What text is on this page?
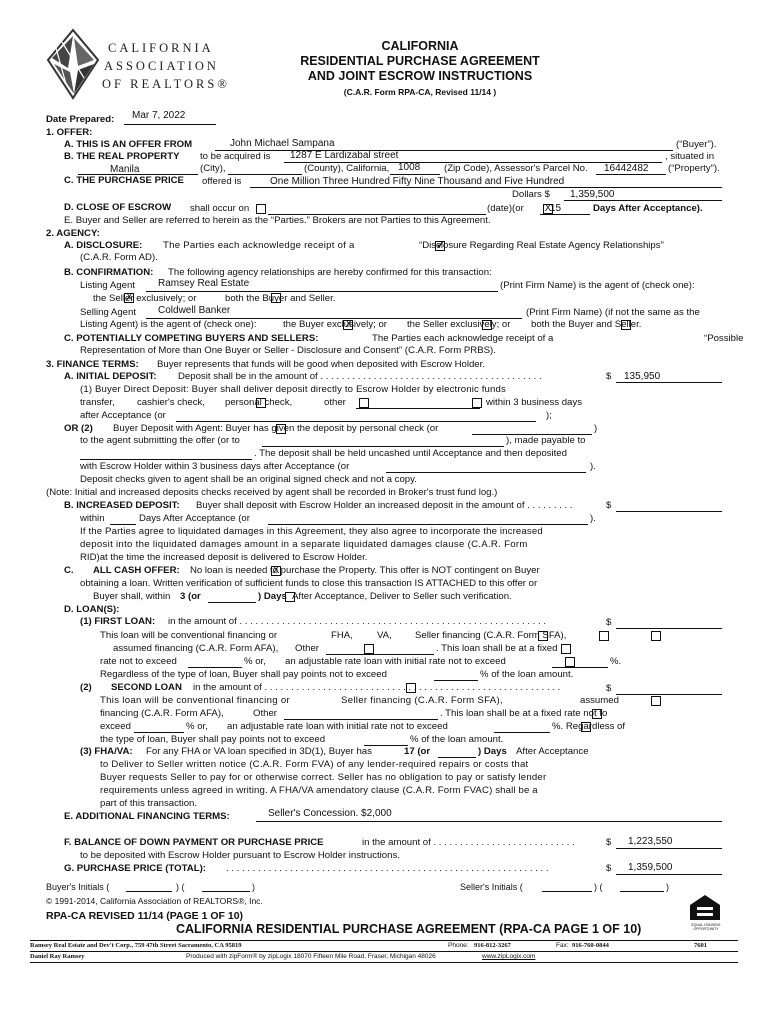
CALIFORNIA
ASSOCIATION
OF REALTORS®
CALIFORNIA
RESIDENTIAL PURCHASE AGREEMENT
AND JOINT ESCROW INSTRUCTIONS
(C.A.R. Form RPA-CA, Revised 11/14 )
Date Prepared: Mar 7, 2022
1. OFFER:
A. THIS IS AN OFFER FROM	John Michael Sampana	(“Buyer”).
B. THE REAL PROPERTY to be acquired is 1287 E Lardizabal street	, situated in
Manila	(City),	(County), California, 1008 (Zip Code), Assessor's Parcel No. 16442482 (“Property”).
C. THE PURCHASE PRICE offered is	One Million Three Hundred Fifty Nine Thousand and Five Hundred
Dollars $ 1,359,500
D. CLOSE OF ESCROW shall occur on
	(date)(or X	15	Days After Acceptance).
E. Buyer and Seller are referred to herein as the “Parties.” Brokers are not Parties to this Agreement.
2. AGENCY:
A. DISCLOSURE: The Parties each acknowledge receipt of a ✓	“Disclosure Regarding Real Estate Agency Relationships”
(C.A.R. Form AD).
B. CONFIRMATION: The following agency relationships are hereby confirmed for this transaction:
Listing Agent Ramsey Real Estate	(Print Firm Name) is the agent of (check one):
X
the Seller exclusively; or
	both the Buyer and Seller.
Selling Agent Coldwell Banker	(Print Firm Name) (if not the same as the
Listing Agent) is the agent of (check one): X	the Buyer exclusively; or
the Seller exclusively; or
both the Buyer and Seller.
C. POTENTIALLY COMPETING BUYERS AND SELLERS:	The Parties each acknowledge receipt of a
	“Possible
Representation of More than One Buyer or Seller - Disclosure and Consent” (C.A.R. Form PRBS).
3. FINANCE TERMS: Buyer represents that funds will be good when deposited with Escrow Holder.
A. INITIAL DEPOSIT: Deposit shall be in the amount of . . . . . . . . . . . . . . . . . . . . . . . . . . . . . . . . . . . . . . . . . .	$ 135,950
(1) Buyer Direct Deposit: Buyer shall deliver deposit directly to Escrow Holder by electronic funds
transfer,
cashier's check,
personal check,
	other	within 3 business days
after Acceptance (or	);
OR (2)
Buyer Deposit with Agent: Buyer has given the deposit by personal check (or	)
to the agent submitting the offer (or to	), made payable to
. The deposit shall be held uncashed until Acceptance and then deposited
with Escrow Holder within 3 business days after Acceptance (or	).
Deposit checks given to agent shall be an original signed check and not a copy.
(Note: Initial and increased deposits checks received by agent shall be recorded in Broker's trust fund log.)
B. INCREASED DEPOSIT: Buyer shall deposit with Escrow Holder an increased deposit in the amount of . . . . . . . . .	$
within	Days After Acceptance (or	).
If the Parties agree to liquidated damages in this Agreement, they also agree to incorporate the increased
deposit into the liquidated damages amount in a separate liquidated damages clause (C.A.R. Form
RID)at the time the increased deposit is delivered to Escrow Holder.
C. X ALL CASH OFFER: No loan is needed to purchase the Property. This offer is NOT contingent on Buyer
obtaining a loan. Written verification of sufficient funds to close this transaction IS ATTACHED to this offer or

Buyer shall, within 3 (or	) Days After Acceptance, Deliver to Seller such verification.
D. LOAN(S):
(1) FIRST LOAN: in the amount of . . . . . . . . . . . . . . . . . . . . . . . . . . . . . . . . . . . . . . . . . . . . . . . . . . . . . . . . . .	$
This loan will be conventional financing or
	FHA,
	VA,
Seller financing (C.A.R. Form SFA),

assumed financing (C.A.R. Form AFA),
Other	. This loan shall be at a fixed
rate not to exceed	% or,
an adjustable rate loan with initial rate not to exceed	%.
Regardless of the type of loan, Buyer shall pay points not to exceed	% of the loan amount.
(2)
SECOND LOAN in the amount of . . . . . . . . . . . . . . . . . . . . . . . . . . . . . . . . . . . . . . . . . . . . . . . . . . . . . . . .	$
This loan will be conventional financing or
	Seller financing (C.A.R. Form SFA),
	assumed
financing (C.A.R. Form AFA),
	Other	. This loan shall be at a fixed rate not to
exceed	% or, an adjustable rate loan with initial rate not to exceed	%. Regardless of
the type of loan, Buyer shall pay points not to exceed	% of the loan amount.
(3) FHA/VA: For any FHA or VA loan specified in 3D(1), Buyer has	17 (or	) Days After Acceptance
to Deliver to Seller written notice (C.A.R. Form FVA) of any lender-required repairs or costs that
Buyer requests Seller to pay for or otherwise correct. Seller has no obligation to pay or satisfy lender
requirements unless agreed in writing. A FHA/VA amendatory clause (C.A.R. Form FVAC) shall be a
part of this transaction.
E. ADDITIONAL FINANCING TERMS:	Seller's Concession. $2,000
F. BALANCE OF DOWN PAYMENT OR PURCHASE PRICE	in the amount of . . . . . . . . . . . . . . . . . . . . . . . . . . .	$ 1,223,550
to be deposited with Escrow Holder pursuant to Escrow Holder instructions.
G. PURCHASE PRICE (TOTAL): . . . . . . . . . . . . . . . . . . . . . . . . . . . . . . . . . . . . . . . . . . . . . . . . . . . . . . . . . . . . .	$ 1,359,500
Buyer's Initials (	) (	)	Seller's Initials (	) (	)
© 1991-2014, California Association of REALTORS®, Inc.
RPA-CA REVISED 11/14 (PAGE 1 OF 10)
CALIFORNIA RESIDENTIAL PURCHASE AGREEMENT (RPA-CA PAGE 1 OF 10)	EQUAL HOUSING OPPORTUNITY
Ramsey Real Estate and Dev't Corp., 759 47th Street Sacramento, CA 95819	Phone: 916-812-3267	Fax: 916-760-0844	7601
Daniel Ray Ramsey	Produced with zipForm® by zipLogix 18070 Fifteen Mile Road, Fraser, Michigan 48026	www.zipLogix.com
